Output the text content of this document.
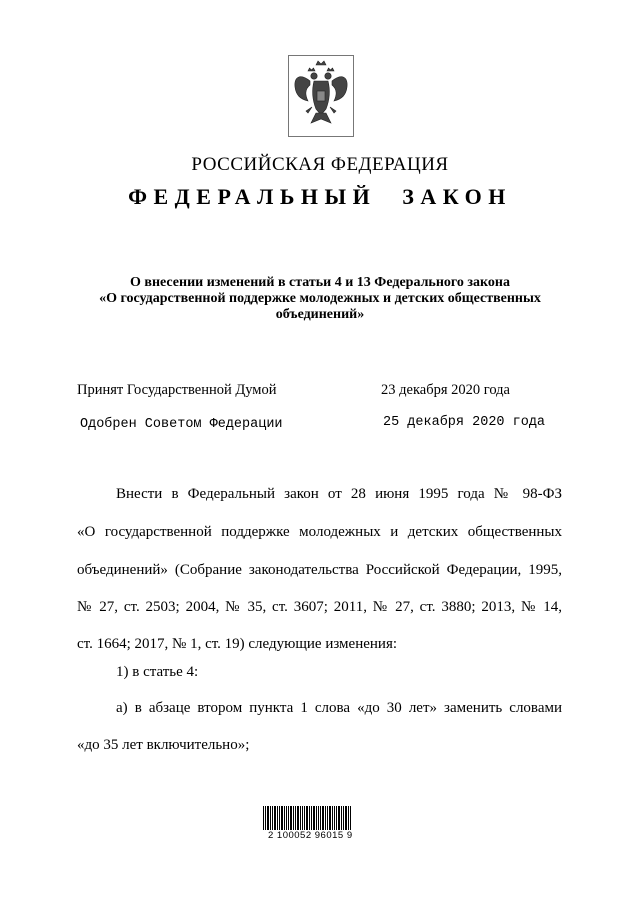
РОССИЙСКАЯ ФЕДЕРАЦИЯ
ФЕДЕРАЛЬНЫЙ ЗАКОН
О внесении изменений в статьи 4 и 13 Федерального закона
«О государственной поддержке молодежных и детских общественных
объединений»
Принят Государственной Думой	23 декабря 2020 года
Одобрен Советом Федерации	25 декабря 2020 года
Внести в Федеральный закон от 28 июня 1995 года № 98-ФЗ
«О государственной поддержке молодежных и детских общественных
объединений» (Собрание законодательства Российской Федерации, 1995,
№ 27, ст. 2503; 2004, № 35, ст. 3607; 2011, № 27, ст. 3880; 2013, № 14,
ст. 1664; 2017, № 1, ст. 19) следующие изменения:
1) в статье 4:
а) в абзаце втором пункта 1 слова «до 30 лет» заменить словами
«до 35 лет включительно»;
2 100052 96015 9
